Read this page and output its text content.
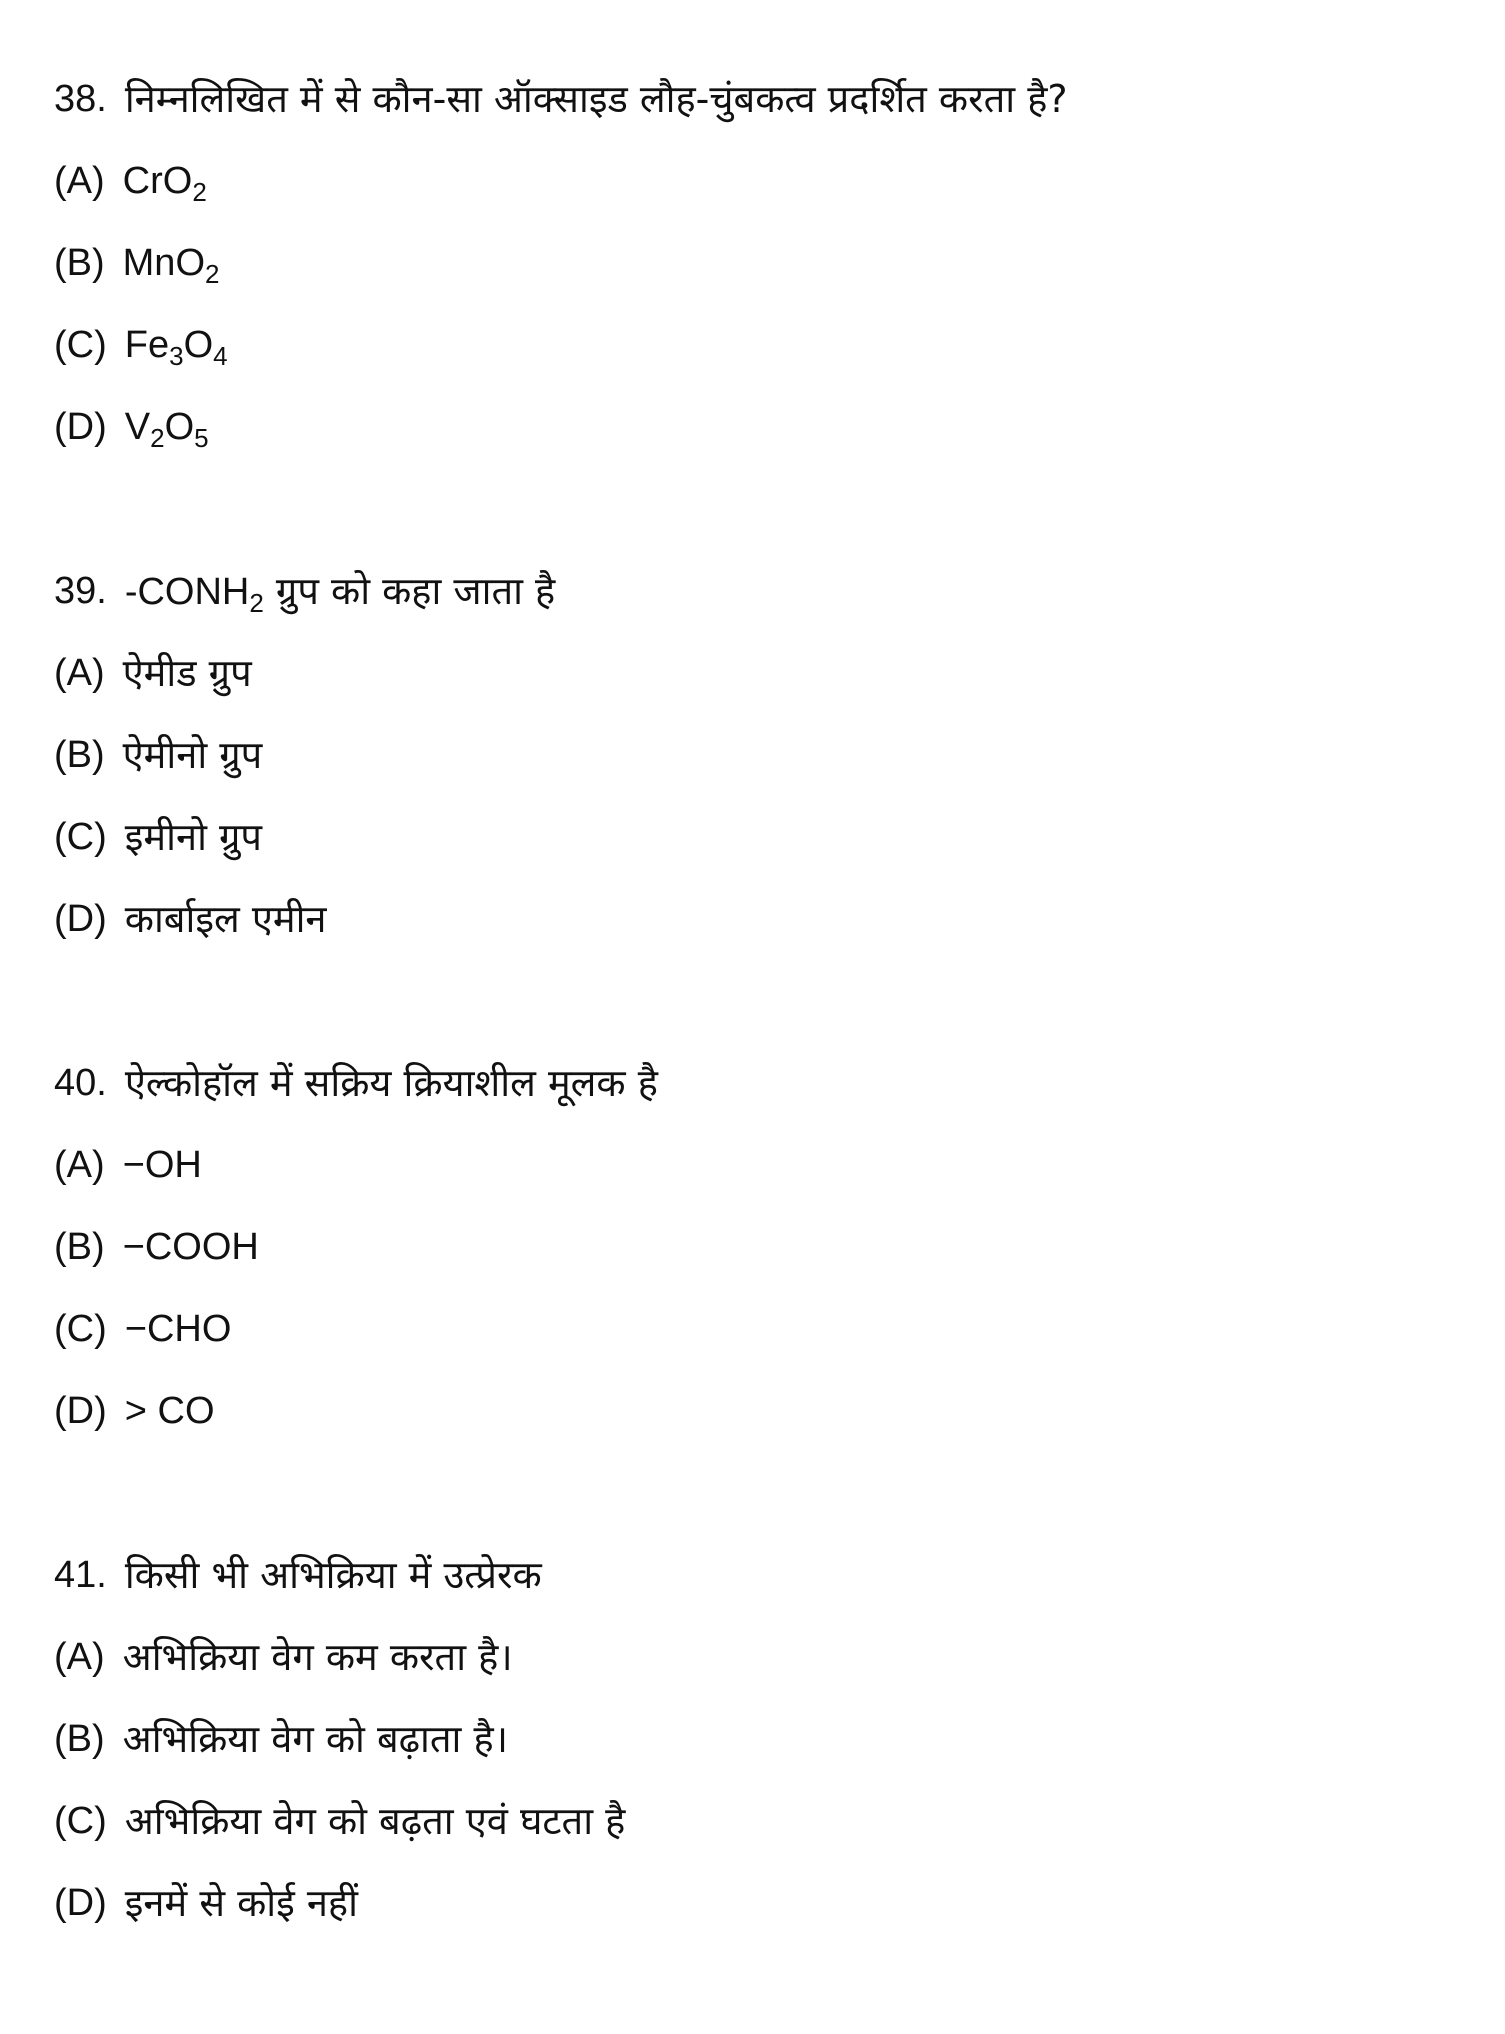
38. निम्नलिखित में से कौन-सा ऑक्साइड लौह-चुंबकत्व प्रदर्शित करता है?
(A) CrO$_2$
(B) MnO$_2$
(C) $Fe_3O_4$
(D) $V_2O_5$
39. $-CONH_2$ ग्रुप को कहा जाता है
(A) ऐमीड ग्रुप
(B) ऐमीनो ग्रुप
(C) इमीनो ग्रुप
(D) कार्बाइल एमीन
40. ऐल्कोहॉल में सक्रिय क्रियाशील मूलक है
(A) −OH
(B) −COOH
(C) −CHO
(D) > CO
41. किसी भी अभिक्रिया में उत्प्रेरक
(A) अभिक्रिया वेग कम करता है।
(B) अभिक्रिया वेग को बढ़ाता है।
(C) अभिक्रिया वेग को बढ़ता एवं घटता है
(D) इनमें से कोई नहीं
